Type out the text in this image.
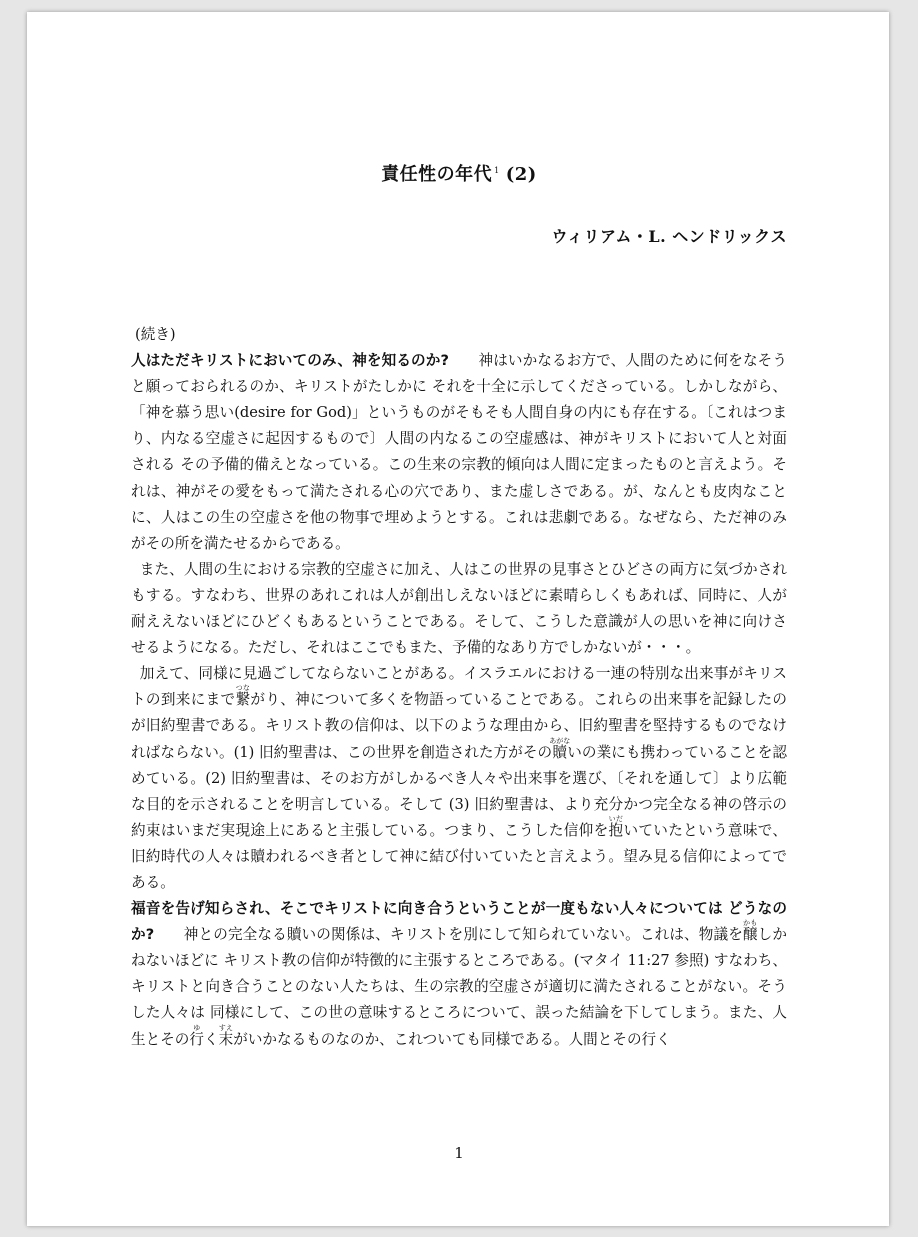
責任性の年代 $^1$ (2)
ウィリアム・L. ヘンドリックス
(続き)

人はただキリストにおいてのみ、神を知るのか?　　 神はいかなるお方で、人間のために何をなそうと願っておられるのか、キリストがたしかに それを十全に示してくださっている。しかしながら、「神を慕う思い(desire for God)」というものがそもそも人間自身の内にも存在する。〔これはつまり、内なる空虚さに起因するもので〕人間の内なるこの空虚感は、神がキリストにおいて人と対面される その予備的備えとなっている。この生来の宗教的傾向は人間に定まったものと言えよう。それは、神がその愛をもって満たされる心の穴であり、また虚しさである。が、なんとも皮肉なことに、人はこの生の空虚さを他の物事で埋めようとする。これは悲劇である。なぜなら、ただ神のみがその所を満たせるからである。

また、人間の生における宗教的空虚さに加え、人はこの世界の見事さとひどさの両方に気づかされもする。すなわち、世界のあれこれは人が創出しえないほどに素晴らしくもあれば、同時に、人が耐ええないほどにひどくもあるということである。そして、こうした意識が人の思いを神に向けさせるようになる。ただし、それはここでもまた、予備的なあり方でしかないが・・・。

加えて、同様に見過ごしてならないことがある。イスラエルにおける一連の特別な出来事がキリストの到来にまで繋つながり、神について多くを物語っていることである。これらの出来事を記録したのが旧約聖書である。キリスト教の信仰は、以下のような理由から、旧約聖書を堅持するものでなければならない。(1) 旧約聖書は、この世界を創造された方がその贖あがないの業にも携わっていることを認めている。(2) 旧約聖書は、そのお方がしかるべき人々や出来事を選び、〔それを通して〕より広範な目的を示されることを明言している。そして (3) 旧約聖書は、より充分かつ完全なる神の啓示の約束はいまだ実現途上にあると主張している。つまり、こうした信仰を抱いだいていたという意味で、旧約時代の人々は贖われるべき者として神に結び付いていたと言えよう。望み見る信仰によってである。

福音を告げ知らされ、そこでキリストに向き合うということが一度もない人々については どうなのか?　　 神との完全なる贖いの関係は、キリストを別にして知られていない。これは、物議を醸かもしかねないほどに キリスト教の信仰が特徴的に主張するところである。(マタイ 11:27 参照) すなわち、キリストと向き合うことのない人たちは、生の宗教的空虚さが適切に満たされることがない。そうした人々は 同様にして、この世の意味するところについて、誤った結論を下してしまう。また、人生とその行ゆく末すえがいかなるものなのか、これついても同様である。人間とその行く

1
